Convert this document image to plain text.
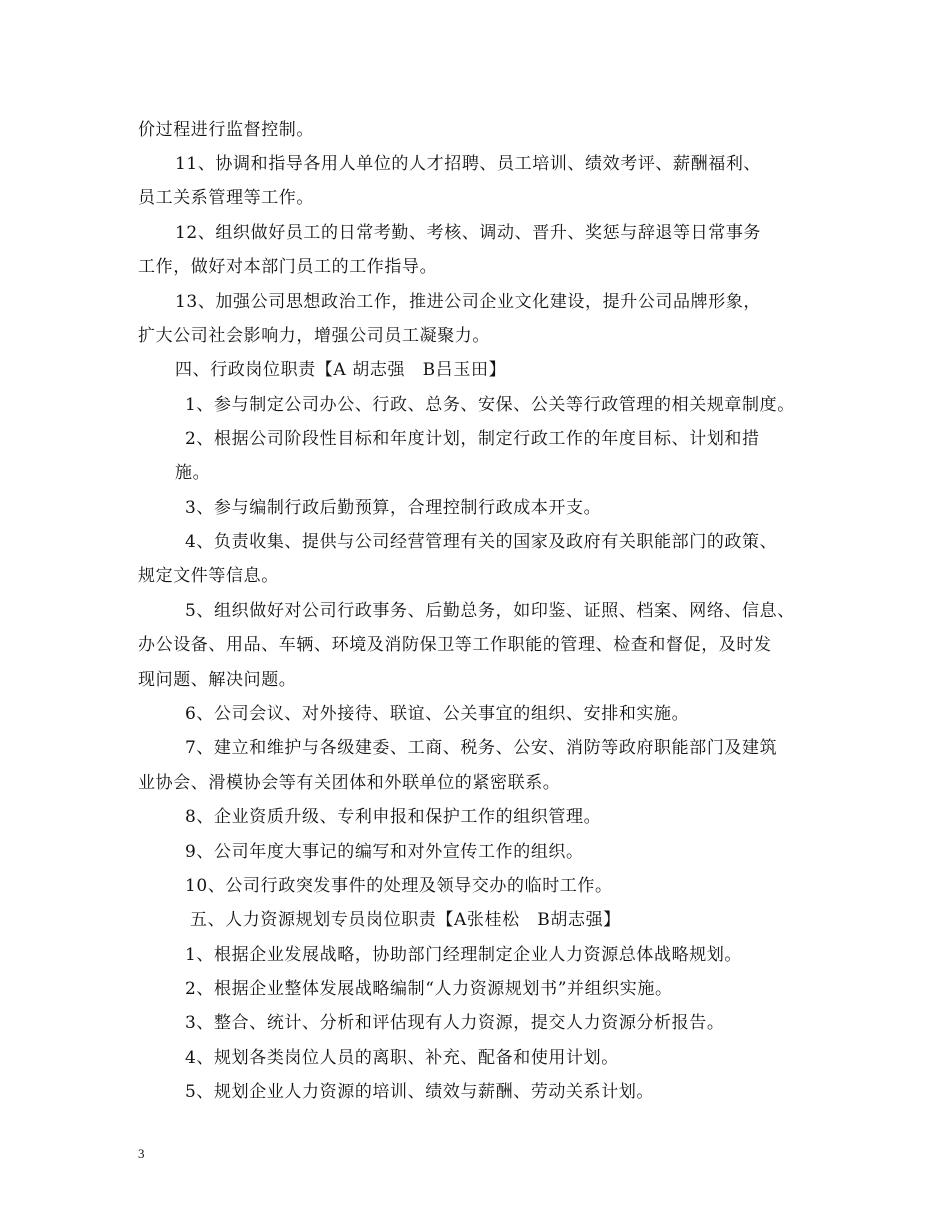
价过程进行监督控制。
11、协调和指导各用人单位的人才招聘、员工培训、绩效考评、薪酬福利、
员工关系管理等工作。
12、组织做好员工的日常考勤、考核、调动、晋升、奖惩与辞退等日常事务
工作，做好对本部门员工的工作指导。
13、加强公司思想政治工作，推进公司企业文化建设，提升公司品牌形象，
扩大公司社会影响力，增强公司员工凝聚力。
四、行政岗位职责【A 胡志强　B吕玉田】
1、参与制定公司办公、行政、总务、安保、公关等行政管理的相关规章制度。
2、根据公司阶段性目标和年度计划，制定行政工作的年度目标、计划和措
施。
3、参与编制行政后勤预算，合理控制行政成本开支。
4、负责收集、提供与公司经营管理有关的国家及政府有关职能部门的政策、
规定文件等信息。
5、组织做好对公司行政事务、后勤总务，如印鉴、证照、档案、网络、信息、
办公设备、用品、车辆、环境及消防保卫等工作职能的管理、检查和督促，及时发
现问题、解决问题。
6、公司会议、对外接待、联谊、公关事宜的组织、安排和实施。
7、建立和维护与各级建委、工商、税务、公安、消防等政府职能部门及建筑
业协会、滑模协会等有关团体和外联单位的紧密联系。
8、企业资质升级、专利申报和保护工作的组织管理。
9、公司年度大事记的编写和对外宣传工作的组织。
10、公司行政突发事件的处理及领导交办的临时工作。
五、人力资源规划专员岗位职责【A张桂松　B胡志强】
1、根据企业发展战略，协助部门经理制定企业人力资源总体战略规划。
2、根据企业整体发展战略编制“人力资源规划书”并组织实施。
3、整合、统计、分析和评估现有人力资源，提交人力资源分析报告。
4、规划各类岗位人员的离职、补充、配备和使用计划。
5、规划企业人力资源的培训、绩效与薪酬、劳动关系计划。
3
